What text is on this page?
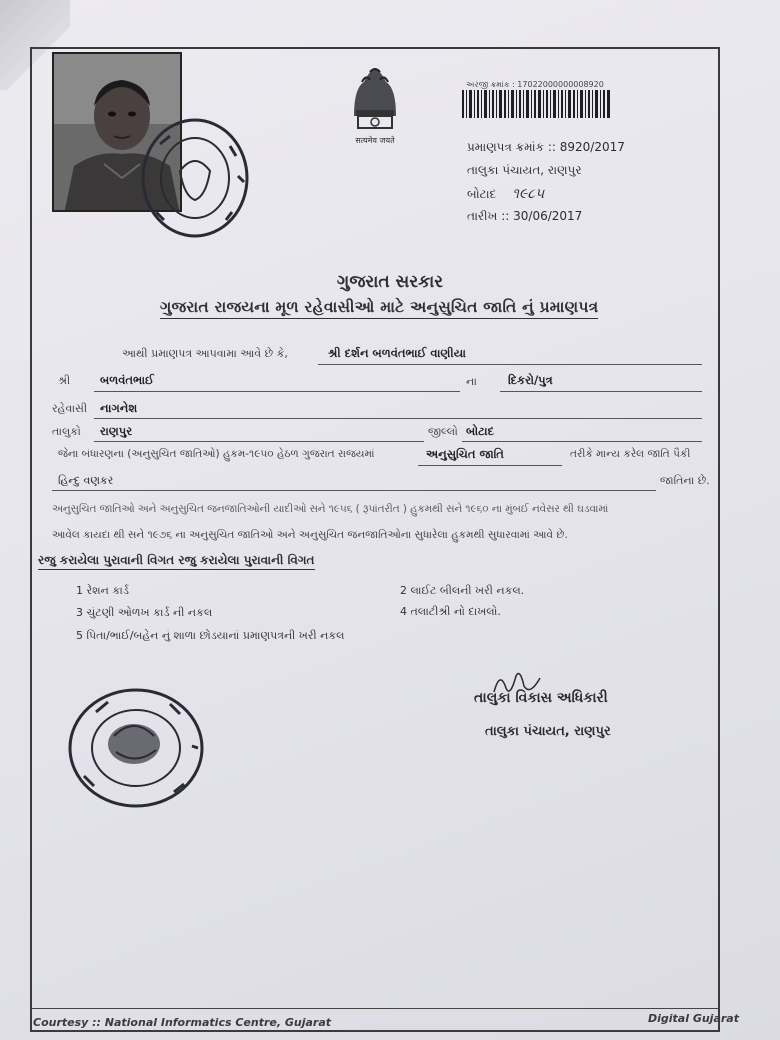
सत्यमेव जयते
અરજી ક્રમાંક : 17022000000008920
પ્રમાણપત્ર ક્રમાંક :: 8920/2017
તાલુકા પંચાયત, રાણપુર
બોટાદ ૧૯૮૫
તારીખ :: 30/06/2017
ગુજરાત સરકાર
ગુજરાત રાજયના મૂળ રહેવાસીઓ માટે અનુસુચિત જાતિ નું પ્રમાણપત્ર
આથી પ્રમાણપત્ર આપવામા આવે છે કે,	શ્રી દર્શન બળવંતભાઈ વાણીયા
શ્રી	બળવંતભાઈ	ના	દિકરો/પુત્ર
રહેવાસી નાગનેશ
તાલુકો રાણપુર	જીલ્લો બોટાદ
જેના બંધારણના (અનુસુચિત જાતિઓ) હુકમ-૧૯૫૦ હેઠળ ગુજરાત રાજયમાં	અનુસુચિત જાતિ	તરીકે માન્ય કરેલ જાતિ પૈકી
હિન્દુ વણકર	જાતિના છે.
અનુસુચિત જાતિઓ અને અનુસુચિત જનજાતિઓની યાદીઓ સને ૧૯૫૬ ( રૂપાંતરીત ) હુકમથી સને ૧૯૬૦ ના મુંબઈ નવેસર થી ઘડવામાં
આવેલ કાયદા થી સને ૧૯૭૬ ના અનુસુચિત જાતિઓ અને અનુસુચિત જનજાતિઓના સુધારેલા હુકમથી સુધારવામાં આવે છે.
રજુ કરાયેલા પુરાવાની વિગત રજુ કરાયેલા પુરાવાની વિગત
1 રેશન કાર્ડ	2 લાઈટ બીલની ખરી નકલ.
3 ચુંટણી ઓળખ કાર્ડ ની નકલ	4 તલાટીશ્રી નો દાખલો.
5 પિતા/ભાઈ/બહેન નું શાળા છોડયાનાં પ્રમાણપત્રની ખરી નકલ
તાલુકા વિકાસ અધિકારી
તાલુકા પંચાયત, રાણપુર
Courtesy :: National Informatics Centre, Gujarat	Digital Gujarat
